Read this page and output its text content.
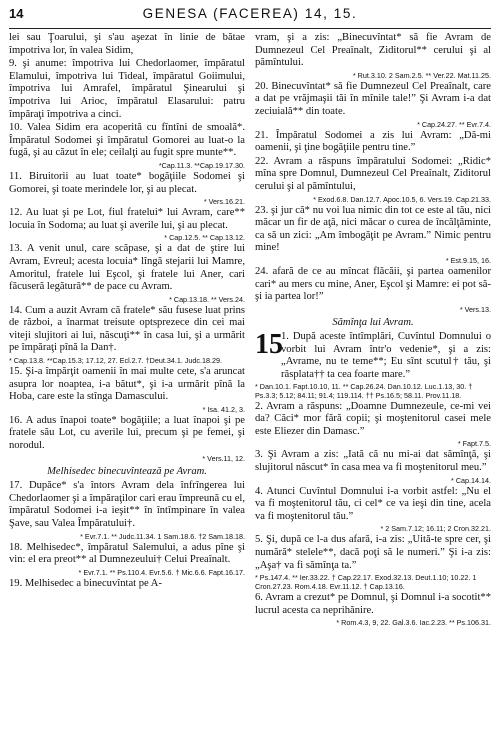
14	GENESA (FACEREA) 14, 15.

lei sau Ţoarului, şi s'au aşezat în linie de bătae împotriva lor, în valea Sidim,

9. şi anume: împotriva lui Chedorlaomer, împăratul Elamului, împotriva lui Tideal, împăratul Goiimului, împotriva lui Amrafel, împăratul Şinearului şi împotriva lui Arioc, împăratul Elasarului: patru împăraţi împotriva a cinci.

10. Valea Sidim era acoperită cu fîntîni de smoală*. Împăratul Sodomei şi împăratul Gomorei au luat-o la fugă, şi au căzut în ele; ceilalţi au fugit spre munte**.

*Cap.11.3. **Cap.19.17.30.

11. Biruitorii au luat toate* bogăţiile Sodomei şi Gomorei, şi toate merindele lor, şi au plecat.

* Vers.16.21.

12. Au luat şi pe Lot, fiul fratelui* lui Avram, care** locuia în Sodoma; au luat şi averile lui, şi au plecat.

* Cap.12.5. ** Cap.13.12.

13. A venit unul, care scăpase, şi a dat de ştire lui Avram, Evreul; acesta locuia* lîngă stejarii lui Mamre, Amoritul, fratele lui Eşcol, şi fratele lui Aner, cari făcuseră legătură** de pace cu Avram.

* Cap.13.18. ** Vers.24.

14. Cum a auzit Avram că fratele* său fusese luat prins de război, a înarmat treisute optsprezece din cei mai viteji slujitori ai lui, născuţi** în casa lui, şi a urmărit pe împăraţi pînă la Dan†.

* Cap.13.8. **Cap.15.3; 17.12, 27. Ecl.2.7. †Deut.34.1. Judc.18.29.

15. Şi-a împărţit oamenii în mai multe cete, s'a aruncat asupra lor noaptea, i-a bătut*, şi i-a urmărit pînă la Hoba, care este la stînga Damascului.

* Isa. 41.2, 3.

16. A adus înapoi toate* bogăţiile; a luat înapoi şi pe fratele său Lot, cu averile lui, precum şi pe femei, şi norodul.

* Vers.11, 12.

Melhisedec binecuvîntează pe Avram.

17. Dupăce* s'a întors Avram dela înfrîngerea lui Chedorlaomer şi a împăraţilor cari erau împreună cu el, împăratul Sodomei i-a ieşit** în întîmpinare în valea Şave, sau Valea Împăratului†.

* Evr.7.1. ** Judc.11.34. 1 Sam.18.6. †2 Sam.18.18.

18. Melhisedec*, împăratul Salemului, a adus pîne şi vin: el era preot** al Dumnezeului† Celui Preaînalt.

* Evr.7.1. ** Ps.110.4. Evr.5.6. † Mic.6.6. Fapt.16.17.

19. Melhisedec a binecuvîntat pe A-

vram, şi a zis: „Binecuvîntat* să fie Avram de Dumnezeul Cel Preaînalt, Ziditorul** cerului şi al pămîntului.

* Rut.3.10. 2 Sam.2.5. ** Ver.22. Mat.11.25.

20. Binecuvîntat* să fie Dumnezeul Cel Preaînalt, care a dat pe vrăjmaşii tăi în mînile tale!” Şi Avram i-a dat zeciuială** din toate.

* Cap.24.27. ** Evr.7.4.

21. Împăratul Sodomei a zis lui Avram: „Dă-mi oamenii, şi ţine bogăţiile pentru tine.”

22. Avram a răspuns împăratului Sodomei: „Ridic* mîna spre Domnul, Dumnezeul Cel Preaînalt, Ziditorul cerului şi al pămîntului,

* Exod.6.8. Dan.12.7. Apoc.10.5, 6. Vers.19. Cap.21.33.

23. şi jur că* nu voi lua nimic din tot ce este al tău, nici măcar un fir de aţă, nici măcar o curea de încălţăminte, ca să un zici: „Am îmbogăţit pe Avram.” Nimic pentru mine!

* Est.9.15, 16.

24. afară de ce au mîncat flăcăii, şi partea oamenilor cari* au mers cu mine, Aner, Eşcol şi Mamre: ei pot să-şi ia partea lor!”

* Vers.13.

Sămînţa lui Avram.

15

1. După aceste întîmplări, Cuvîntul Domnului o vorbit lui Avram într'o vedenie*, şi a zis: „Avrame, nu te teme**; Eu sînt scutul† tău, şi răsplata†† ta cea foarte mare.”

* Dan.10.1. Fapt.10.10, 11. ** Cap.26.24. Dan.10.12. Luc.1.13, 30. † Ps.3.3; 5.12; 84.11; 91.4; 119.114. †† Ps.16.5; 58.11. Prov.11.18.

2. Avram a răspuns: „Doamne Dumnezeule, ce-mi vei da? Căci* mor fără copii; şi moştenitorul casei mele este Eliezer din Damasc.”

* Fapt.7.5.

3. Şi Avram a zis: „Iată că nu mi-ai dat sămînţă, şi slujitorul născut* în casa mea va fi moştenitorul meu.”

* Cap.14.14.

4. Atunci Cuvîntul Domnului i-a vorbit astfel: „Nu el va fi moştenitorul tău, ci cel* ce va ieşi din tine, acela va fi moştenitorul tău.”

* 2 Sam.7.12; 16.11; 2 Cron.32.21.

5. Şi, după ce l-a dus afară, i-a zis: „Uită-te spre cer, şi numără* stelele**, dacă poţi să le numeri.” Şi i-a zis: „Aşa† va fi sămînţa ta.”

* Ps.147.4. ** Ier.33.22. † Cap.22.17. Exod.32.13. Deut.1.10; 10.22. 1 Cron.27.23. Rom.4.18. Evr.11.12. † Cap.13.16.

6. Avram a crezut* pe Domnul, şi Domnul i-a socotit** lucrul acesta ca neprihănire.

* Rom.4.3, 9, 22. Gal.3.6. Iac.2.23. ** Ps.106.31.
